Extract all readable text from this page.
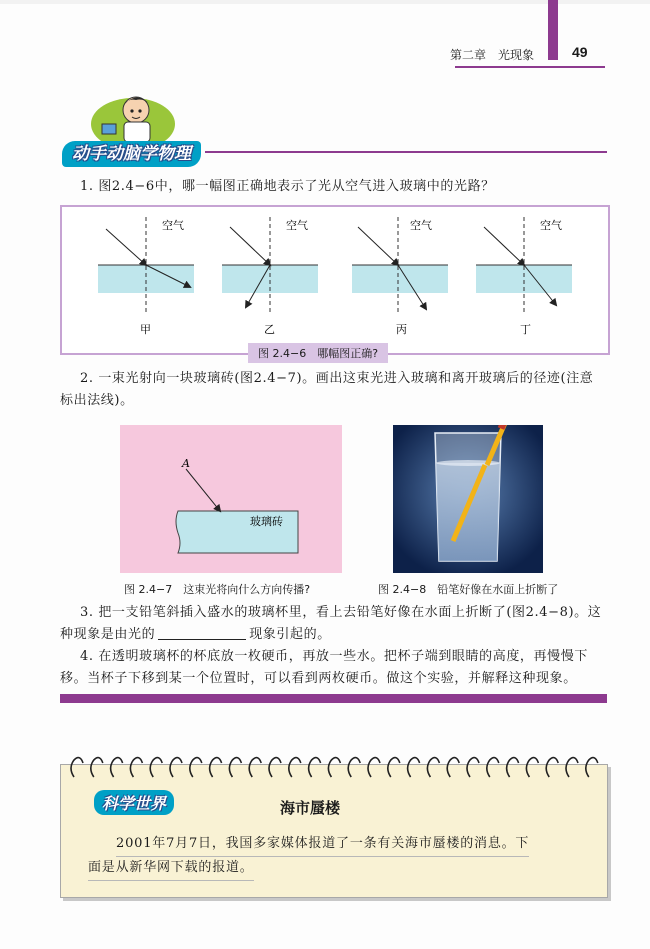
第二章　光现象	49
动手动脑学物理
1. 图2.4−6中，哪一幅图正确地表示了光从空气进入玻璃中的光路？
空气	空气	空气	空气
甲	乙	丙	丁
图 2.4−6　哪幅图正确?
2. 一束光射向一块玻璃砖(图2.4−7)。画出这束光进入玻璃和离开玻璃后的径迹(注意
标出法线)。
A
玻璃砖
图 2.4−7　这束光将向什么方向传播?	图 2.4−8　铅笔好像在水面上折断了
3. 把一支铅笔斜插入盛水的玻璃杯里，看上去铅笔好像在水面上折断了(图2.4−8)。这
种现象是由光的	现象引起的。
4. 在透明玻璃杯的杯底放一枚硬币，再放一些水。把杯子端到眼睛的高度，再慢慢下
移。当杯子下移到某一个位置时，可以看到两枚硬币。做这个实验，并解释这种现象。
科学世界	海市蜃楼
2001年7月7日，我国多家媒体报道了一条有关海市蜃楼的消息。下
面是从新华网下载的报道。
